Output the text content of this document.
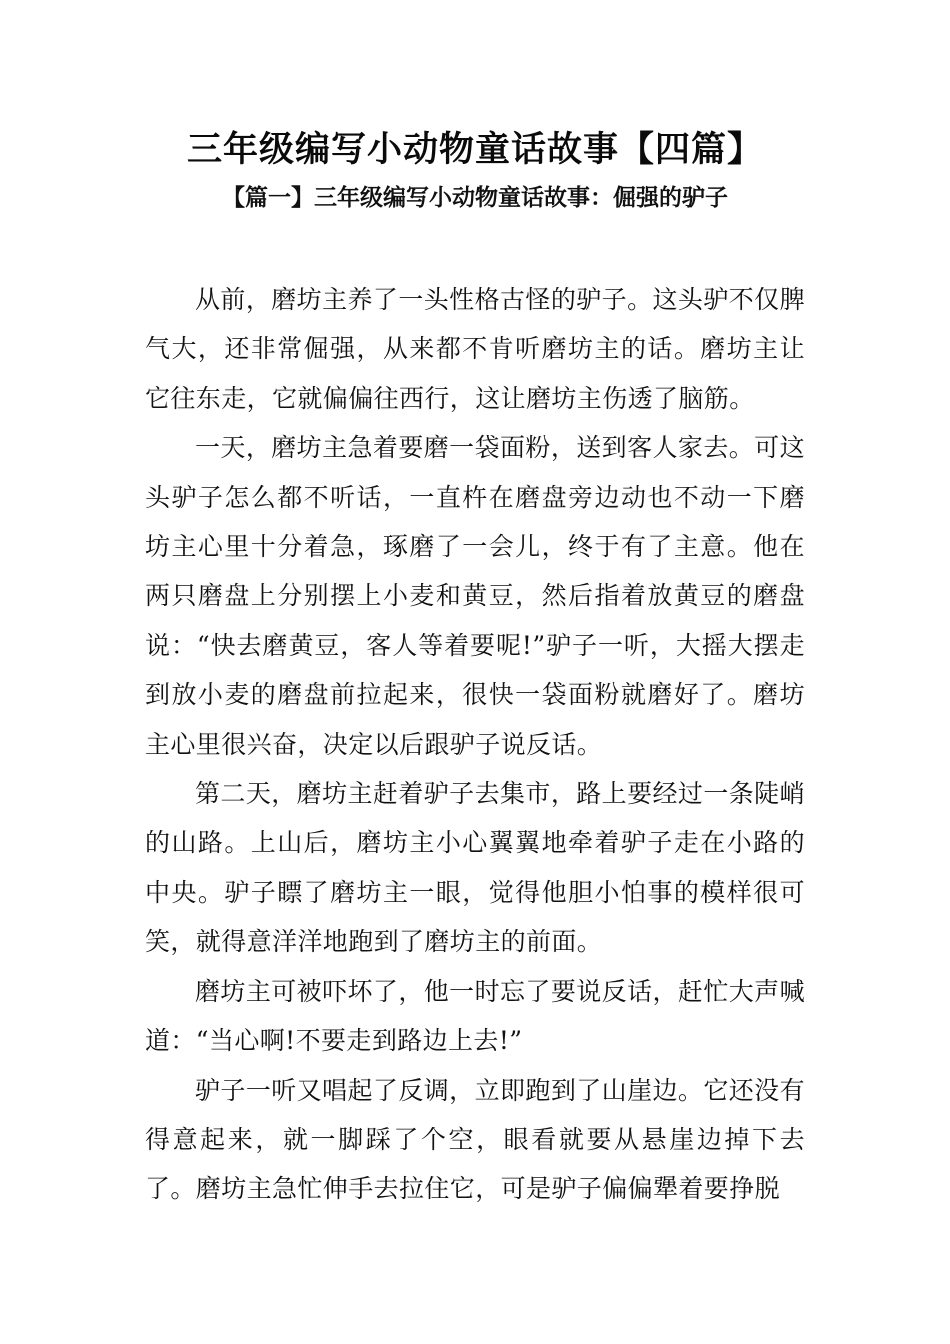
三年级编写小动物童话故事【四篇】
【篇一】三年级编写小动物童话故事：倔强的驴子

从前，磨坊主养了一头性格古怪的驴子。这头驴不仅脾气大，还非常倔强，从来都不肯听磨坊主的话。磨坊主让它往东走，它就偏偏往西行，这让磨坊主伤透了脑筋。

一天，磨坊主急着要磨一袋面粉，送到客人家去。可这头驴子怎么都不听话，一直杵在磨盘旁边动也不动一下磨坊主心里十分着急，琢磨了一会儿，终于有了主意。他在两只磨盘上分别摆上小麦和黄豆，然后指着放黄豆的磨盘说：“快去磨黄豆，客人等着要呢!”驴子一听，大摇大摆走到放小麦的磨盘前拉起来，很快一袋面粉就磨好了。磨坊主心里很兴奋，决定以后跟驴子说反话。

第二天，磨坊主赶着驴子去集市，路上要经过一条陡峭的山路。上山后，磨坊主小心翼翼地牵着驴子走在小路的中央。驴子瞟了磨坊主一眼，觉得他胆小怕事的模样很可笑，就得意洋洋地跑到了磨坊主的前面。

磨坊主可被吓坏了，他一时忘了要说反话，赶忙大声喊道：“当心啊!不要走到路边上去!”

驴子一听又唱起了反调，立即跑到了山崖边。它还没有得意起来，就一脚踩了个空，眼看就要从悬崖边掉下去了。磨坊主急忙伸手去拉住它，可是驴子偏偏犟着要挣脱
